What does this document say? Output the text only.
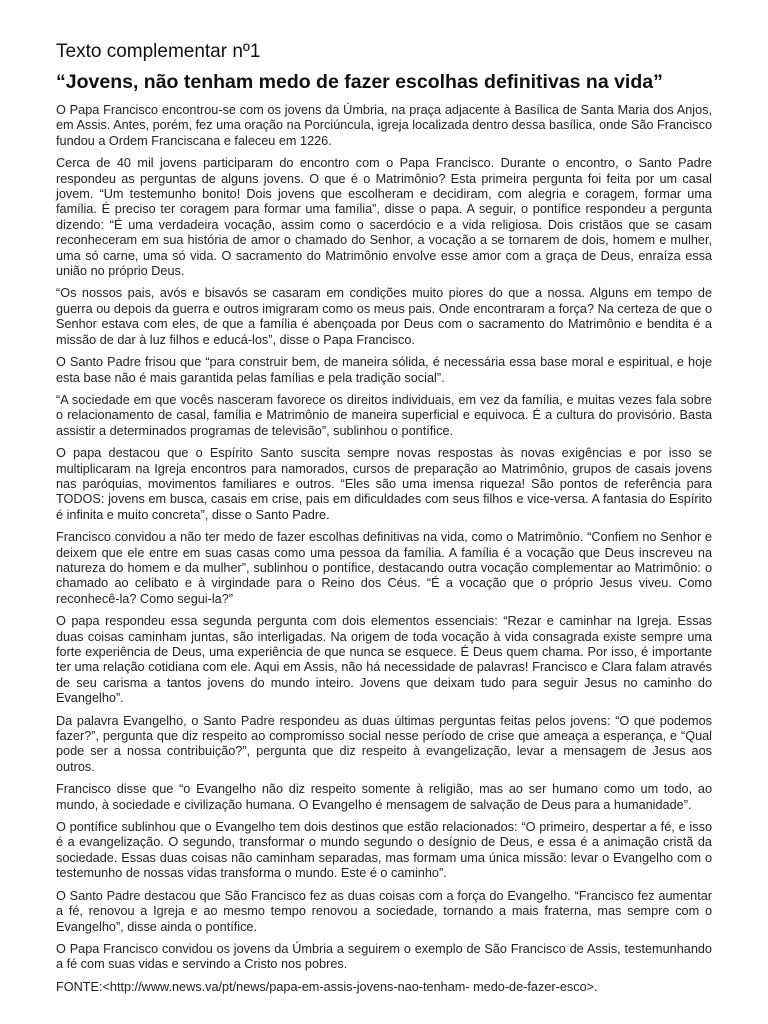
Texto complementar nº1
“Jovens, não tenham medo de fazer escolhas definitivas na vida”

O Papa Francisco encontrou-se com os jovens da Úmbria, na praça adjacente à Basílica de Santa Maria dos Anjos, em Assis. Antes, porém, fez uma oração na Porciúncula, igreja localizada dentro dessa basílica, onde São Francisco fundou a Ordem Franciscana e faleceu em 1226.

Cerca de 40 mil jovens participaram do encontro com o Papa Francisco. Durante o encontro, o Santo Padre respondeu as perguntas de alguns jovens. O que é o Matrimônio? Esta primeira pergunta foi feita por um casal jovem. “Um testemunho bonito! Dois jovens que escolheram e decidiram, com alegria e coragem, formar uma família. É preciso ter coragem para formar uma família”, disse o papa. A seguir, o pontífice respondeu a pergunta dizendo: “É uma verdadeira vocação, assim como o sacerdócio e a vida religiosa. Dois cristãos que se casam reconheceram em sua história de amor o chamado do Senhor, a vocação a se tornarem de dois, homem e mulher, uma só carne, uma só vida. O sacramento do Matrimônio envolve esse amor com a graça de Deus, enraíza essa união no próprio Deus.

“Os nossos pais, avós e bisavós se casaram em condições muito piores do que a nossa. Alguns em tempo de guerra ou depois da guerra e outros imigraram como os meus pais. Onde encontraram a força? Na certeza de que o Senhor estava com eles, de que a família é abençoada por Deus com o sacramento do Matrimônio e bendita é a missão de dar à luz filhos e educá-los”, disse o Papa Francisco.

O Santo Padre frisou que “para construir bem, de maneira sólida, é necessária essa base moral e espiritual, e hoje esta base não é mais garantida pelas famílias e pela tradição social”.

“A sociedade em que vocês nasceram favorece os direitos individuais, em vez da família, e muitas vezes fala sobre o relacionamento de casal, família e Matrimônio de maneira superficial e equivoca. É a cultura do provisório. Basta assistir a determinados programas de televisão”, sublinhou o pontífice.

O papa destacou que o Espírito Santo suscita sempre novas respostas às novas exigências e por isso se multiplicaram na Igreja encontros para namorados, cursos de preparação ao Matrimônio, grupos de casais jovens nas paróquias, movimentos familiares e outros. “Eles são uma imensa riqueza! São pontos de referência para TODOS: jovens em busca, casais em crise, pais em dificuldades com seus filhos e vice-versa. A fantasia do Espírito é infinita e muito concreta”, disse o Santo Padre.

Francisco convidou a não ter medo de fazer escolhas definitivas na vida, como o Matrimônio. “Confiem no Senhor e deixem que ele entre em suas casas como uma pessoa da família. A família é a vocação que Deus inscreveu na natureza do homem e da mulher”, sublinhou o pontífice, destacando outra vocação complementar ao Matrimônio: o chamado ao celibato e à virgindade para o Reino dos Céus. “É a vocação que o próprio Jesus viveu. Como reconhecê-la? Como segui-la?”

O papa respondeu essa segunda pergunta com dois elementos essenciais: “Rezar e caminhar na Igreja. Essas duas coisas caminham juntas, são interligadas. Na origem de toda vocação à vida consagrada existe sempre uma forte experiência de Deus, uma experiência de que nunca se esquece. É Deus quem chama. Por isso, é importante ter uma relação cotidiana com ele. Aqui em Assis, não há necessidade de palavras! Francisco e Clara falam através de seu carisma a tantos jovens do mundo inteiro. Jovens que deixam tudo para seguir Jesus no caminho do Evangelho”.

Da palavra Evangelho, o Santo Padre respondeu as duas últimas perguntas feitas pelos jovens: “O que podemos fazer?”, pergunta que diz respeito ao compromisso social nesse período de crise que ameaça a esperança, e “Qual pode ser a nossa contribuição?”, pergunta que diz respeito à evangelização, levar a mensagem de Jesus aos outros.

Francisco disse que “o Evangelho não diz respeito somente à religião, mas ao ser humano como um todo, ao mundo, à sociedade e civilização humana. O Evangelho é mensagem de salvação de Deus para a humanidade”.

O pontífice sublinhou que o Evangelho tem dois destinos que estão relacionados: “O primeiro, despertar a fé, e isso é a evangelização. O segundo, transformar o mundo segundo o desígnio de Deus, e essa é a animação cristã da sociedade. Essas duas coisas não caminham separadas, mas formam uma única missão: levar o Evangelho com o testemunho de nossas vidas transforma o mundo. Este é o caminho”.

O Santo Padre destacou que São Francisco fez as duas coisas com a força do Evangelho. “Francisco fez aumentar a fé, renovou a Igreja e ao mesmo tempo renovou a sociedade, tornando a mais fraterna, mas sempre com o Evangelho”, disse ainda o pontífice.

O Papa Francisco convidou os jovens da Úmbria a seguirem o exemplo de São Francisco de Assis, testemunhando a fé com suas vidas e servindo a Cristo nos pobres.

FONTE:<http://www.news.va/pt/news/papa-em-assis-jovens-nao-tenham- medo-de-fazer-esco>.
